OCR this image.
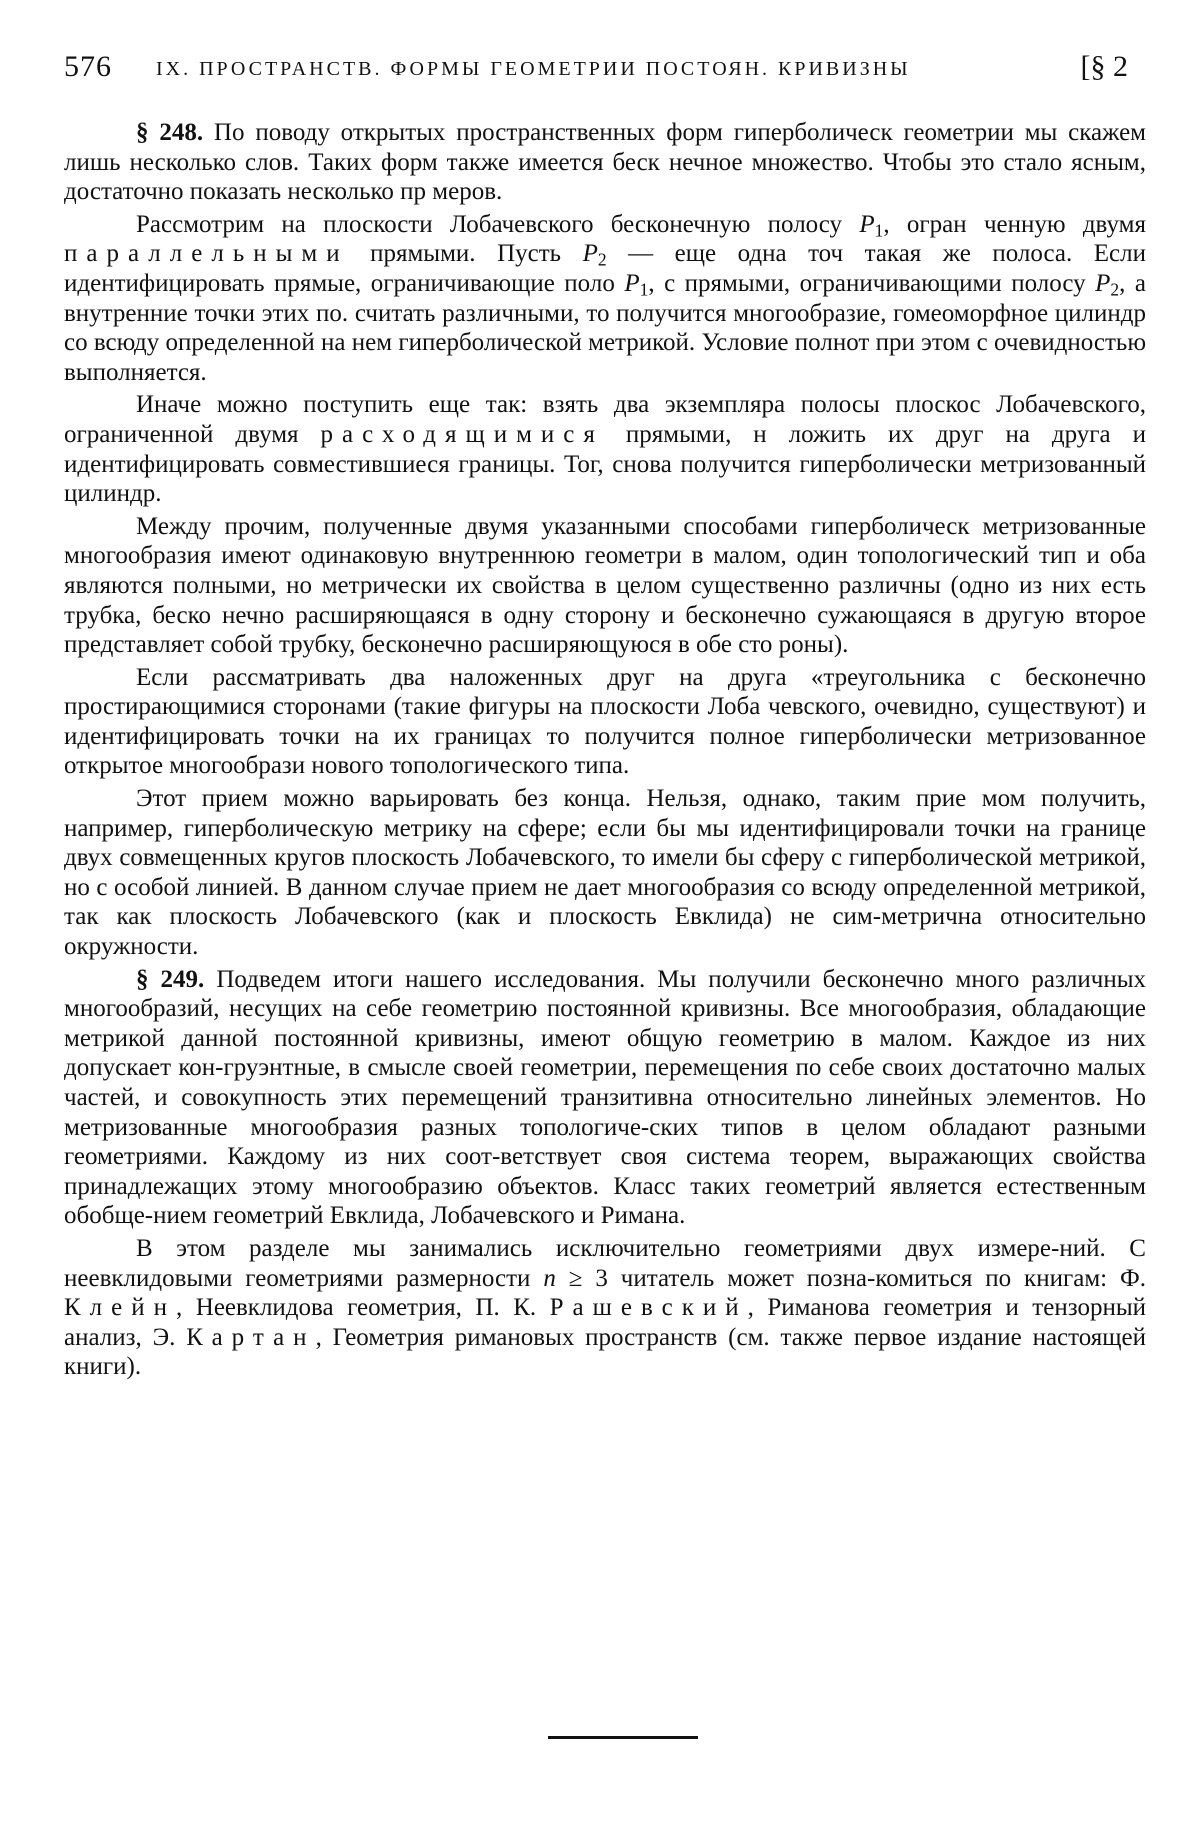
576 IX. ПРОСТРАНСТВ. ФОРМЫ ГЕОМЕТРИИ ПОСТОЯН. КРИВИЗНЫ	[§ 2

§ 248. По поводу открытых пространственных форм гиперболическ геометрии мы скажем лишь несколько слов. Таких форм также имеется беск нечное множество. Чтобы это стало ясным, достаточно показать несколько пр меров.

Рассмотрим на плоскости Лобачевского бесконечную полосу $P_1$, огран ченную двумя параллельными прямыми. Пусть $P_2$ — еще одна точ такая же полоса. Если идентифицировать прямые, ограничивающие поло $P_1$, с прямыми, ограничивающими полосу $P_2$, а внутренние точки этих по. считать различными, то получится многообразие, гомеоморфное цилиндр со всюду определенной на нем гиперболической метрикой. Условие полнот при этом с очевидностью выполняется.

Иначе можно поступить еще так: взять два экземпляра полосы плоскос Лобачевского, ограниченной двумя расходящимися прямыми, н ложить их друг на друга и идентифицировать совместившиеся границы. Тог, снова получится гиперболически метризованный цилиндр.

Между прочим, полученные двумя указанными способами гиперболическ метризованные многообразия имеют одинаковую внутреннюю геометри в малом, один топологический тип и оба являются полными, но метрически их свойства в целом существенно различны (одно из них есть трубка, беско нечно расширяющаяся в одну сторону и бесконечно сужающаяся в другую второе представляет собой трубку, бесконечно расширяющуюся в обе сто роны).

Если рассматривать два наложенных друг на друга «треугольника с бесконечно простирающимися сторонами (такие фигуры на плоскости Лоба чевского, очевидно, существуют) и идентифицировать точки на их границах то получится полное гиперболически метризованное открытое многообрази нового топологического типа.

Этот прием можно варьировать без конца. Нельзя, однако, таким прие мом получить, например, гиперболическую метрику на сфере; если бы мы идентифицировали точки на границе двух совмещенных кругов плоскость Лобачевского, то имели бы сферу с гиперболической метрикой, но с особой линией. В данном случае прием не дает многообразия со всюду определенной метрикой, так как плоскость Лобачевского (как и плоскость Евклида) не сим-метрична относительно окружности.

§ 249. Подведем итоги нашего исследования. Мы получили бесконечно много различных многообразий, несущих на себе геометрию постоянной кривизны. Все многообразия, обладающие метрикой данной постоянной кривизны, имеют общую геометрию в малом. Каждое из них допускает кон-груэнтные, в смысле своей геометрии, перемещения по себе своих достаточно малых частей, и совокупность этих перемещений транзитивна относительно линейных элементов. Но метризованные многообразия разных топологиче-ских типов в целом обладают разными геометриями. Каждому из них соот-ветствует своя система теорем, выражающих свойства принадлежащих этому многообразию объектов. Класс таких геометрий является естественным обобще-нием геометрий Евклида, Лобачевского и Римана.

В этом разделе мы занимались исключительно геометриями двух измере-ний. С неевклидовыми геометриями размерности n ≥ 3 читатель может позна-комиться по книгам: Ф. Клейн, Неевклидова геометрия, П. К. Рашевский, Риманова геометрия и тензорный анализ, Э. Картан, Геометрия римановых пространств (см. также первое издание настоящей книги).
